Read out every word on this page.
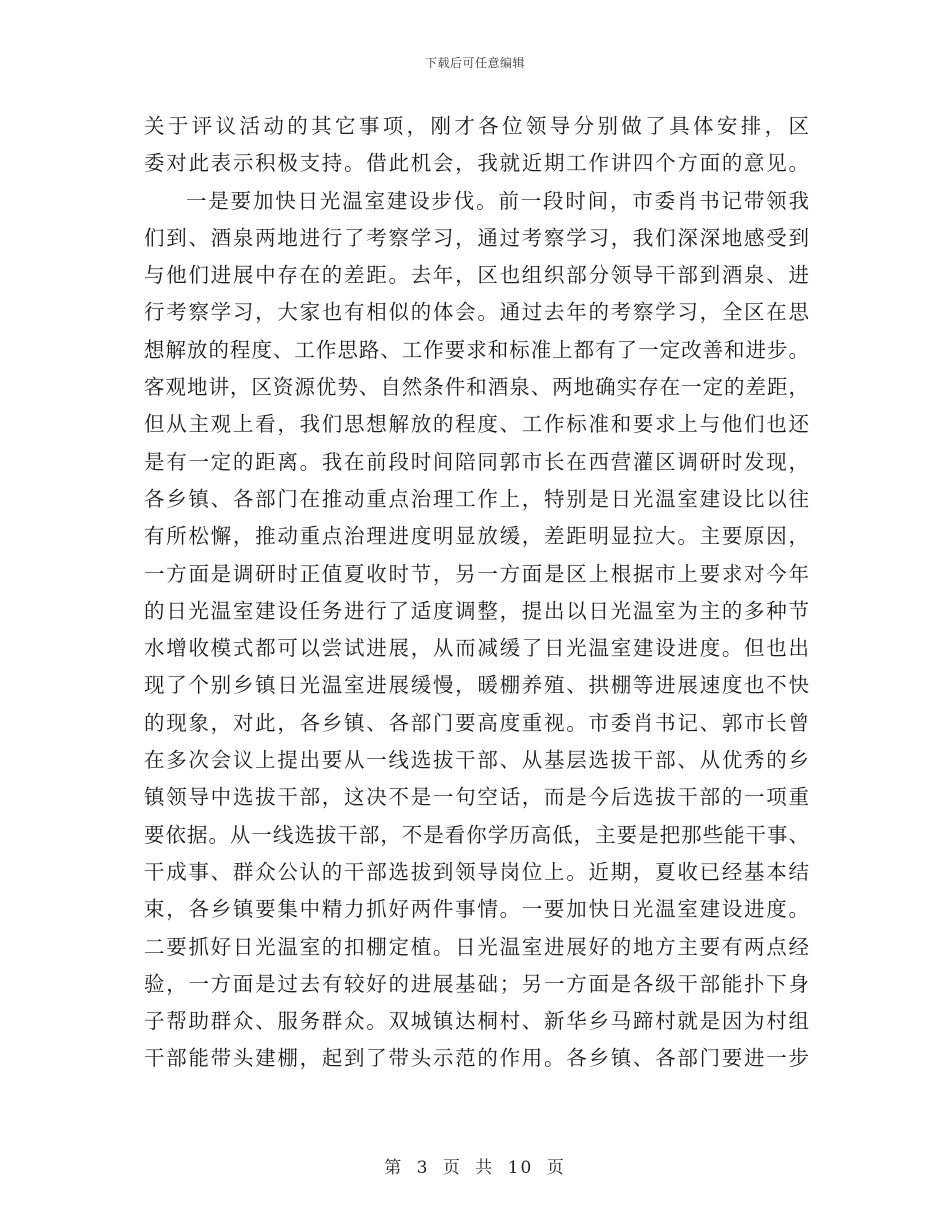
下载后可任意编辑
关于评议活动的其它事项，刚才各位领导分别做了具体安排，区
委对此表示积极支持。借此机会，我就近期工作讲四个方面的意见。
一是要加快日光温室建设步伐。前一段时间，市委肖书记带领我
们到、酒泉两地进行了考察学习，通过考察学习，我们深深地感受到
与他们进展中存在的差距。去年，区也组织部分领导干部到酒泉、进
行考察学习，大家也有相似的体会。通过去年的考察学习，全区在思
想解放的程度、工作思路、工作要求和标准上都有了一定改善和进步。
客观地讲，区资源优势、自然条件和酒泉、两地确实存在一定的差距，
但从主观上看，我们思想解放的程度、工作标准和要求上与他们也还
是有一定的距离。我在前段时间陪同郭市长在西营灌区调研时发现，
各乡镇、各部门在推动重点治理工作上，特别是日光温室建设比以往
有所松懈，推动重点治理进度明显放缓，差距明显拉大。主要原因，
一方面是调研时正值夏收时节，另一方面是区上根据市上要求对今年
的日光温室建设任务进行了适度调整，提出以日光温室为主的多种节
水增收模式都可以尝试进展，从而减缓了日光温室建设进度。但也出
现了个别乡镇日光温室进展缓慢，暖棚养殖、拱棚等进展速度也不快
的现象，对此，各乡镇、各部门要高度重视。市委肖书记、郭市长曾
在多次会议上提出要从一线选拔干部、从基层选拔干部、从优秀的乡
镇领导中选拔干部，这决不是一句空话，而是今后选拔干部的一项重
要依据。从一线选拔干部，不是看你学历高低，主要是把那些能干事、
干成事、群众公认的干部选拔到领导岗位上。近期，夏收已经基本结
束，各乡镇要集中精力抓好两件事情。一要加快日光温室建设进度。
二要抓好日光温室的扣棚定植。日光温室进展好的地方主要有两点经
验，一方面是过去有较好的进展基础；另一方面是各级干部能扑下身
子帮助群众、服务群众。双城镇达桐村、新华乡马蹄村就是因为村组
干部能带头建棚，起到了带头示范的作用。各乡镇、各部门要进一步
第 3 页 共 10 页
